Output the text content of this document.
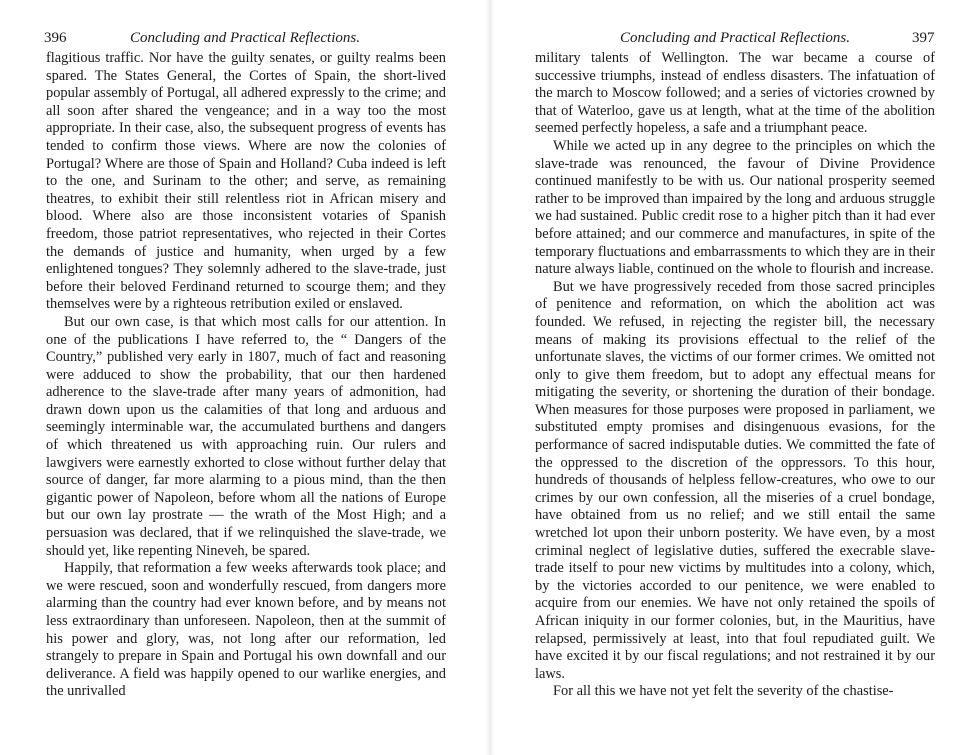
396	Concluding and Practical Reflections.

flagitious traffic. Nor have the guilty senates, or guilty realms been spared. The States General, the Cortes of Spain, the short-lived popular assembly of Portugal, all adhered expressly to the crime; and all soon after shared the vengeance; and in a way too the most appropriate. In their case, also, the subsequent progress of events has tended to confirm those views. Where are now the colonies of Portugal? Where are those of Spain and Holland? Cuba indeed is left to the one, and Surinam to the other; and serve, as remaining theatres, to exhibit their still relentless riot in African misery and blood. Where also are those inconsistent votaries of Spanish freedom, those patriot representatives, who rejected in their Cortes the demands of justice and humanity, when urged by a few enlightened tongues? They solemnly adhered to the slave-trade, just before their beloved Ferdinand returned to scourge them; and they themselves were by a righteous retribution exiled or enslaved.

But our own case, is that which most calls for our attention. In one of the publications I have referred to, the “ Dangers of the Country,” published very early in 1807, much of fact and reasoning were adduced to show the probability, that our then hardened adherence to the slave-trade after many years of admonition, had drawn down upon us the calamities of that long and arduous and seemingly interminable war, the accumulated burthens and dangers of which threatened us with approaching ruin. Our rulers and lawgivers were earnestly exhorted to close without further delay that source of danger, far more alarming to a pious mind, than the then gigantic power of Napoleon, before whom all the nations of Europe but our own lay prostrate — the wrath of the Most High; and a persuasion was declared, that if we relinquished the slave-trade, we should yet, like repenting Nineveh, be spared.

Happily, that reformation a few weeks afterwards took place; and we were rescued, soon and wonderfully rescued, from dangers more alarming than the country had ever known before, and by means not less extraordinary than unforeseen. Napoleon, then at the summit of his power and glory, was, not long after our reformation, led strangely to prepare in Spain and Portugal his own downfall and our deliverance. A field was happily opened to our warlike energies, and the unrivalled

Concluding and Practical Reflections.	397

military talents of Wellington. The war became a course of successive triumphs, instead of endless disasters. The infatuation of the march to Moscow followed; and a series of victories crowned by that of Waterloo, gave us at length, what at the time of the abolition seemed perfectly hopeless, a safe and a triumphant peace.

While we acted up in any degree to the principles on which the slave-trade was renounced, the favour of Divine Providence continued manifestly to be with us. Our national prosperity seemed rather to be improved than impaired by the long and arduous struggle we had sustained. Public credit rose to a higher pitch than it had ever before attained; and our commerce and manufactures, in spite of the temporary fluctuations and embarrassments to which they are in their nature always liable, continued on the whole to flourish and increase.

But we have progressively receded from those sacred principles of penitence and reformation, on which the abolition act was founded. We refused, in rejecting the register bill, the necessary means of making its provisions effectual to the relief of the unfortunate slaves, the victims of our former crimes. We omitted not only to give them freedom, but to adopt any effectual means for mitigating the severity, or shortening the duration of their bondage. When measures for those purposes were proposed in parliament, we substituted empty promises and disingenuous evasions, for the performance of sacred indisputable duties. We committed the fate of the oppressed to the discretion of the oppressors. To this hour, hundreds of thousands of helpless fellow-creatures, who owe to our crimes by our own confession, all the miseries of a cruel bondage, have obtained from us no relief; and we still entail the same wretched lot upon their unborn posterity. We have even, by a most criminal neglect of legislative duties, suffered the execrable slave-trade itself to pour new victims by multitudes into a colony, which, by the victories accorded to our penitence, we were enabled to acquire from our enemies. We have not only retained the spoils of African iniquity in our former colonies, but, in the Mauritius, have relapsed, permissively at least, into that foul repudiated guilt. We have excited it by our fiscal regulations; and not restrained it by our laws.

For all this we have not yet felt the severity of the chastise-
